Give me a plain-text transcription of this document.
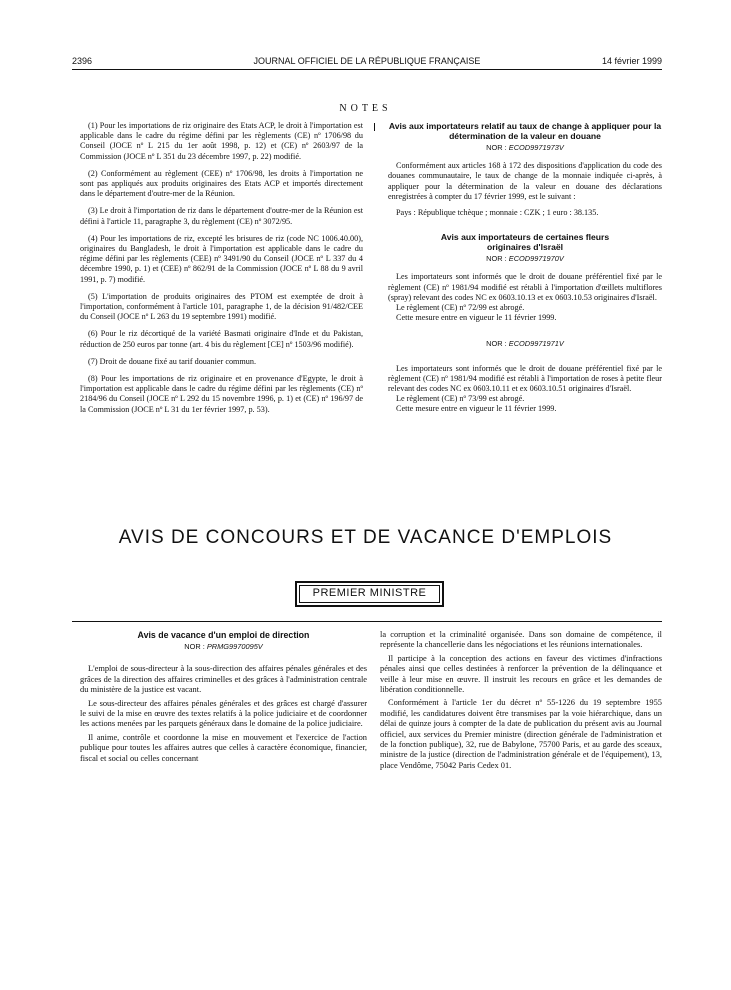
2396	JOURNAL OFFICIEL DE LA RÉPUBLIQUE FRANÇAISE	14 février 1999
NOTES

(1) Pour les importations de riz originaire des Etats ACP, le droit à l'importation est applicable dans le cadre du régime défini par les règlements (CE) nº 1706/98 du Conseil (JOCE nº L 215 du 1er août 1998, p. 12) et (CE) nº 2603/97 de la Commission (JOCE nº L 351 du 23 décembre 1997, p. 22) modifié.

(2) Conformément au règlement (CEE) nº 1706/98, les droits à l'importation ne sont pas appliqués aux produits originaires des Etats ACP et importés directement dans le département d'outre-mer de la Réunion.

(3) Le droit à l'importation de riz dans le département d'outre-mer de la Réunion est défini à l'article 11, paragraphe 3, du règlement (CE) nº 3072/95.

(4) Pour les importations de riz, excepté les brisures de riz (code NC 1006.40.00), originaires du Bangladesh, le droit à l'importation est applicable dans le cadre du régime défini par les règlements (CEE) nº 3491/90 du Conseil (JOCE nº L 337 du 4 décembre 1990, p. 1) et (CEE) nº 862/91 de la Commission (JOCE nº L 88 du 9 avril 1991, p. 7) modifié.

(5) L'importation de produits originaires des PTOM est exemptée de droit à l'importation, conformément à l'article 101, paragraphe 1, de la décision 91/482/CEE du Conseil (JOCE nº L 263 du 19 septembre 1991) modifié.

(6) Pour le riz décortiqué de la variété Basmati originaire d'Inde et du Pakistan, réduction de 250 euros par tonne (art. 4 bis du règlement [CE] nº 1503/96 modifié).

(7) Droit de douane fixé au tarif douanier commun.

(8) Pour les importations de riz originaire et en provenance d'Egypte, le droit à l'importation est applicable dans le cadre du régime défini par les règlements (CE) nº 2184/96 du Conseil (JOCE nº L 292 du 15 novembre 1996, p. 1) et (CE) nº 196/97 de la Commission (JOCE nº L 31 du 1er février 1997, p. 53).

Avis aux importateurs relatif au taux de change à appliquer pour la détermination de la valeur en douane
NOR : ECOD9971973V

Conformément aux articles 168 à 172 des dispositions d'application du code des douanes communautaire, le taux de change de la monnaie indiquée ci-après, à appliquer pour la détermination de la valeur en douane des déclarations enregistrées à compter du 17 février 1999, est le suivant :

Pays : République tchèque ; monnaie : CZK ; 1 euro : 38.135.

Avis aux importateurs de certaines fleurs originaires d'Israël
NOR : ECOD9971970V

Les importateurs sont informés que le droit de douane préférentiel fixé par le règlement (CE) nº 1981/94 modifié est rétabli à l'importation d'œillets multiflores (spray) relevant des codes NC ex 0603.10.13 et ex 0603.10.53 originaires d'Israël.

Le règlement (CE) nº 72/99 est abrogé.

Cette mesure entre en vigueur le 11 février 1999.

NOR : ECOD9971971V

Les importateurs sont informés que le droit de douane préférentiel fixé par le règlement (CE) nº 1981/94 modifié est rétabli à l'importation de roses à petite fleur relevant des codes NC ex 0603.10.11 et ex 0603.10.51 originaires d'Israël.

Le règlement (CE) nº 73/99 est abrogé.

Cette mesure entre en vigueur le 11 février 1999.

AVIS DE CONCOURS ET DE VACANCE D'EMPLOIS
PREMIER MINISTRE
Avis de vacance d'un emploi de direction
NOR : PRMG9970095V

L'emploi de sous-directeur à la sous-direction des affaires pénales générales et des grâces de la direction des affaires criminelles et des grâces à l'administration centrale du ministère de la justice est vacant.

Le sous-directeur des affaires pénales générales et des grâces est chargé d'assurer le suivi de la mise en œuvre des textes relatifs à la police judiciaire et de coordonner les actions menées par les parquets généraux dans le domaine de la police judiciaire.

Il anime, contrôle et coordonne la mise en mouvement et l'exercice de l'action publique pour toutes les affaires autres que celles à caractère économique, financier, fiscal et social ou celles concernant

la corruption et la criminalité organisée. Dans son domaine de compétence, il représente la chancellerie dans les négociations et les réunions internationales.

Il participe à la conception des actions en faveur des victimes d'infractions pénales ainsi que celles destinées à renforcer la prévention de la délinquance et veille à leur mise en œuvre. Il instruit les recours en grâce et les demandes de libération conditionnelle.

Conformément à l'article 1er du décret nº 55-1226 du 19 septembre 1955 modifié, les candidatures doivent être transmises par la voie hiérarchique, dans un délai de quinze jours à compter de la date de publication du présent avis au Journal officiel, aux services du Premier ministre (direction générale de l'administration et de la fonction publique), 32, rue de Babylone, 75700 Paris, et au garde des sceaux, ministre de la justice (direction de l'administration générale et de l'équipement), 13, place Vendôme, 75042 Paris Cedex 01.
